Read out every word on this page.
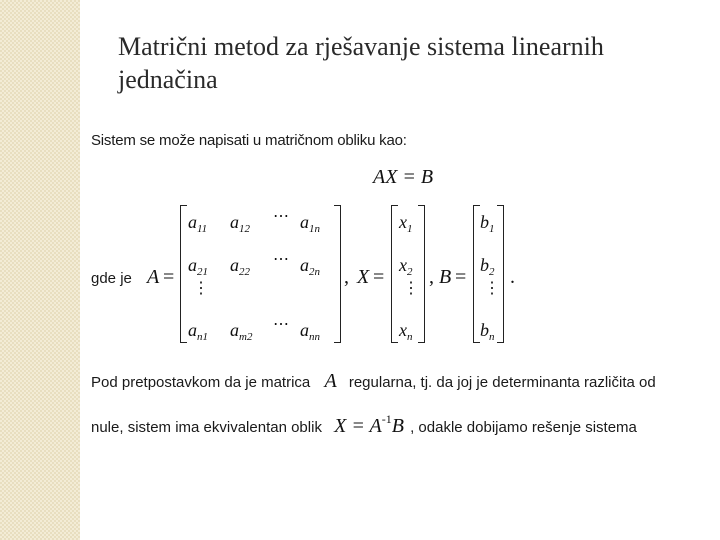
Matrični metod za rješavanje sistema linearnih jednačina
Sistem se može napisati u matričnom obliku kao:
AX = B
gde je A =
$a_{11}$ $a_{12}$
⋯ $a_{1n}$
$a_{21}$ $a_{22}$
⋯ $a_{2n}$
⋮
$a_{n1}$ $a_{m2}$
⋯ $a_{nn}$
, X =
$x_1$
$x_2$
⋮
$x_n$
, B =
$b_1$
$b_2$
⋮
$b_n$
.
Pod pretpostavkom da je matrica A regularna, tj. da joj je determinanta različita od
nule, sistem ima ekvivalentan oblik $X = A^{-1}B$ , odakle dobijamo rešenje sistema
